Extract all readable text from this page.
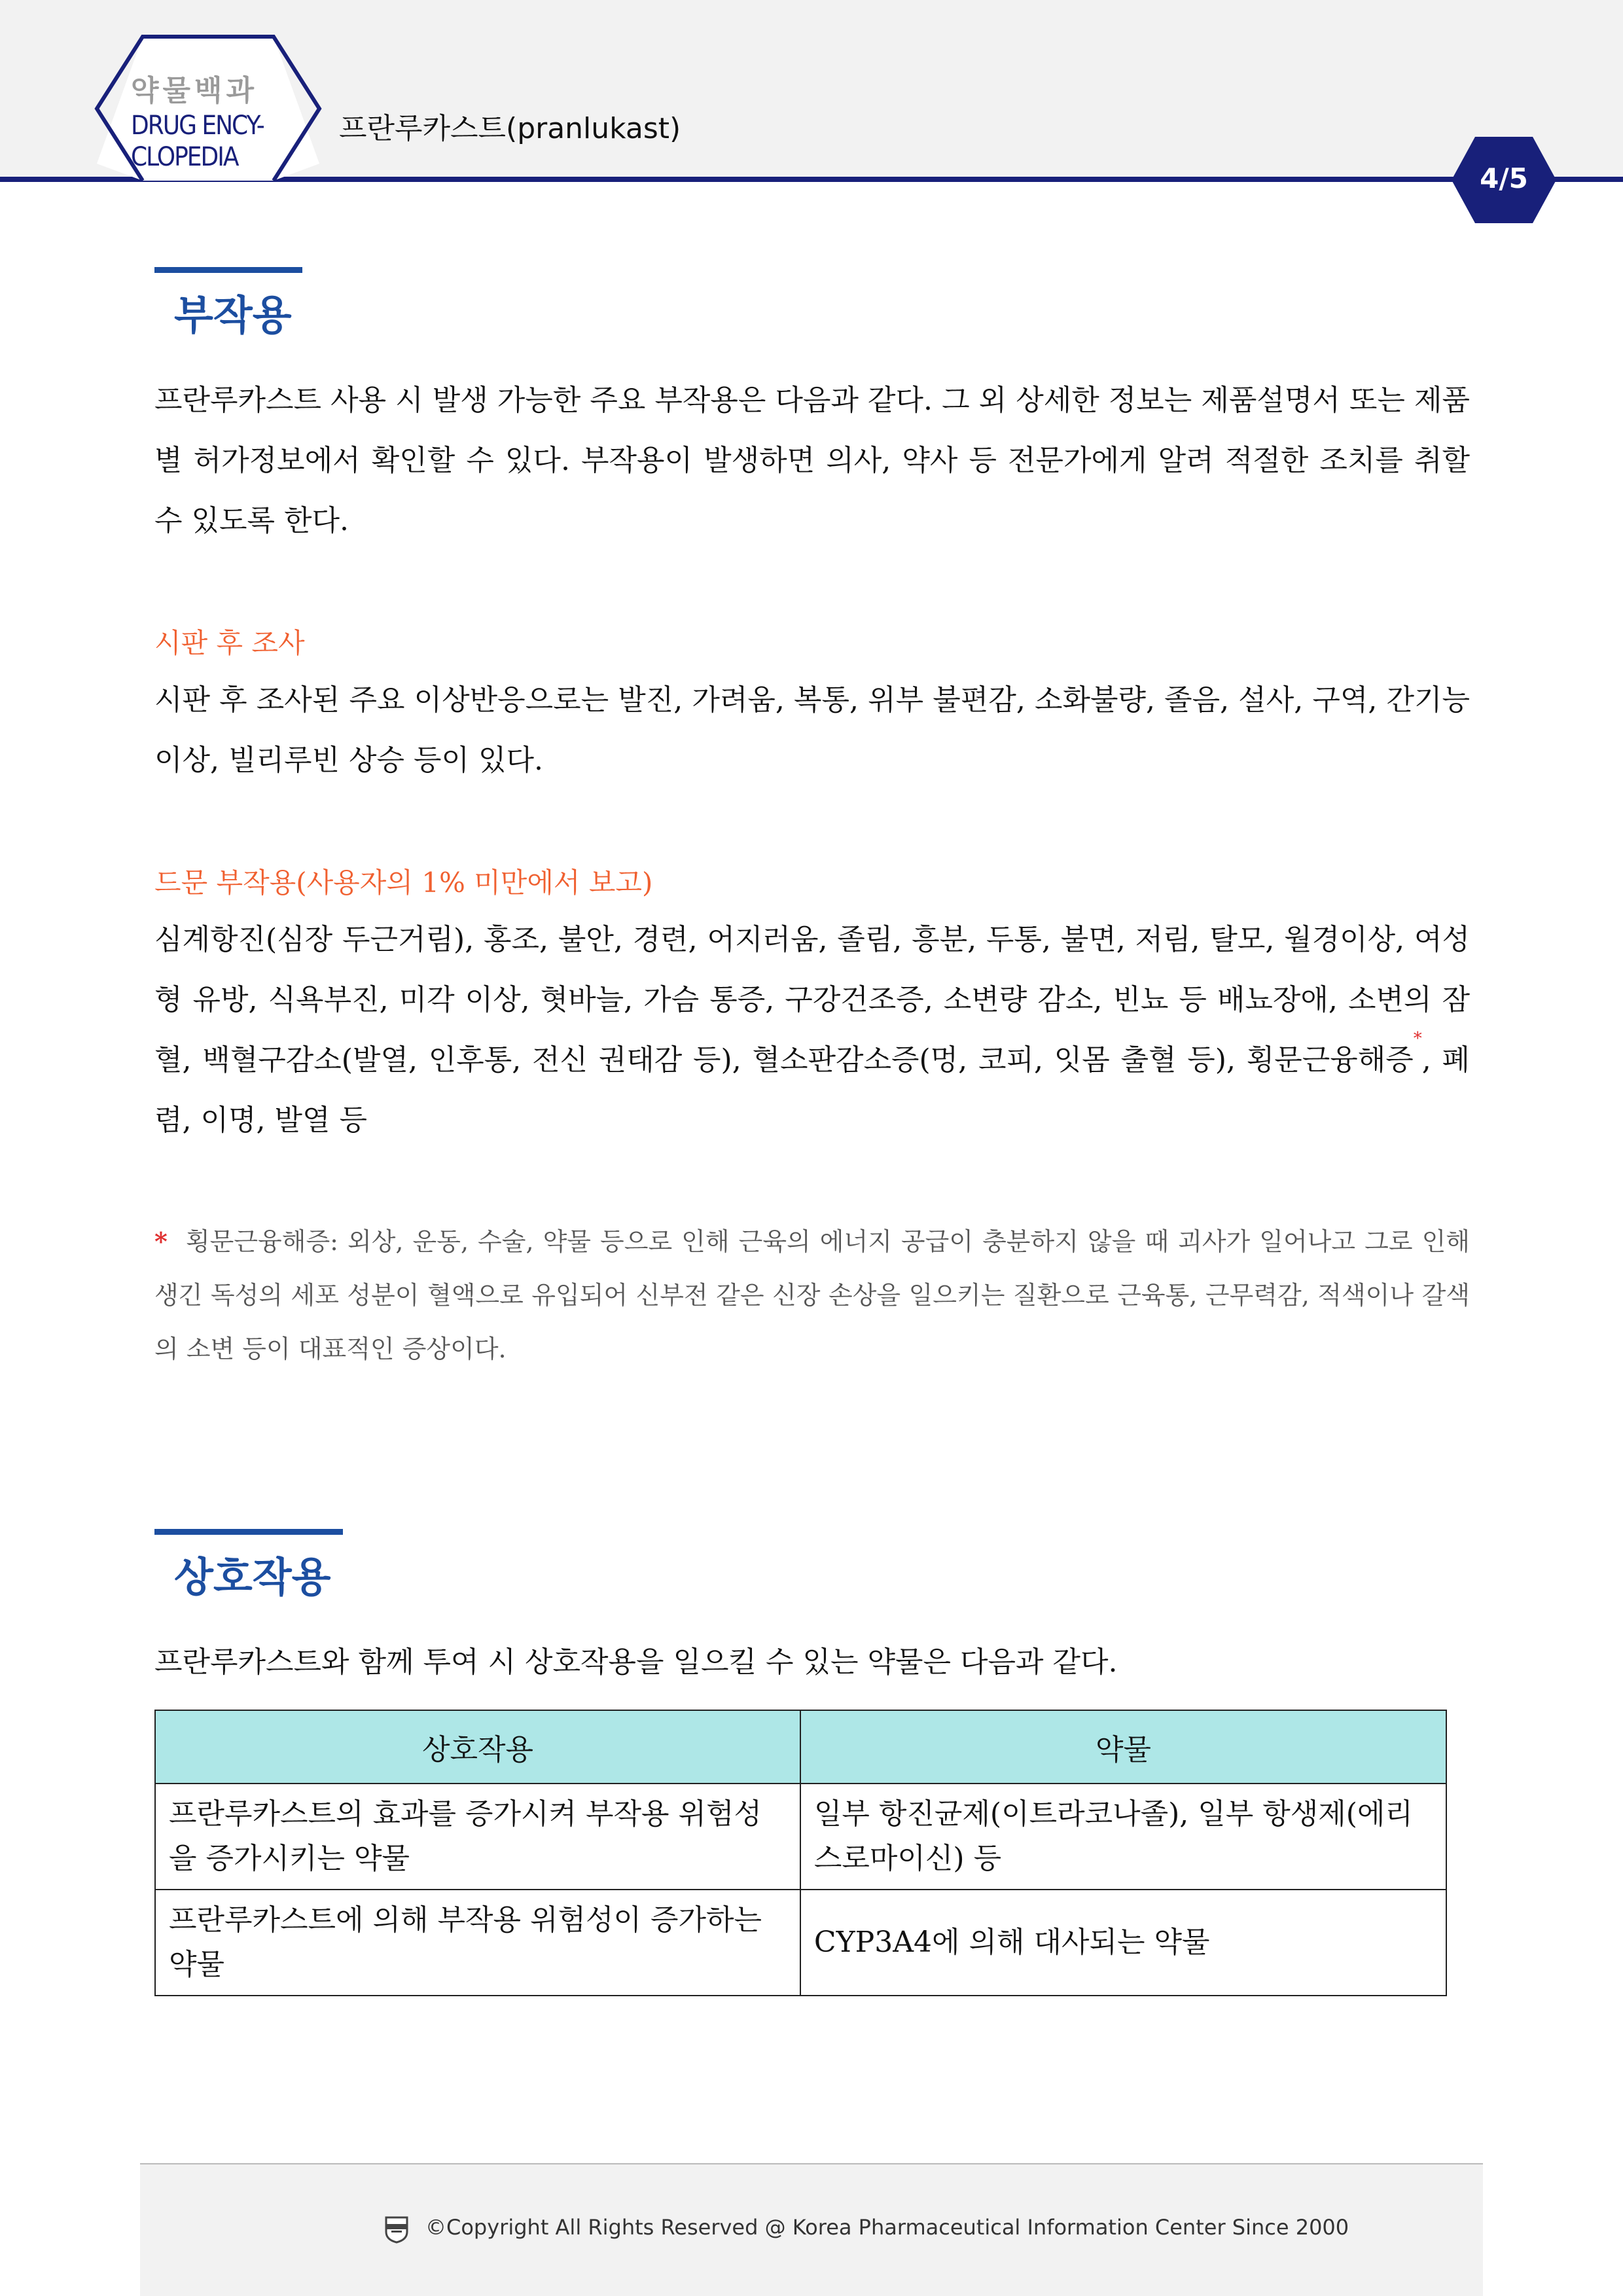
약물백과
DRUG ENCY-
CLOPEDIA
프란루카스트(pranlukast)
4/5
부작용

프란루카스트 사용 시 발생 가능한 주요 부작용은 다음과 같다. 그 외 상세한 정보는 제품설명서 또는 제품별 허가정보에서 확인할 수 있다. 부작용이 발생하면 의사, 약사 등 전문가에게 알려 적절한 조치를 취할 수 있도록 한다.

시판 후 조사

시판 후 조사된 주요 이상반응으로는 발진, 가려움, 복통, 위부 불편감, 소화불량, 졸음, 설사, 구역, 간기능 이상, 빌리루빈 상승 등이 있다.

드문 부작용(사용자의 1% 미만에서 보고)

심계항진(심장 두근거림), 홍조, 불안, 경련, 어지러움, 졸림, 흥분, 두통, 불면, 저림, 탈모, 월경이상, 여성형 유방, 식욕부진, 미각 이상, 혓바늘, 가슴 통증, 구강건조증, 소변량 감소, 빈뇨 등 배뇨장애, 소변의 잠혈, 백혈구감소(발열, 인후통, 전신 권태감 등), 혈소판감소증(멍, 코피, 잇몸 출혈 등), 횡문근융해증*, 폐렴, 이명, 발열 등

* 횡문근융해증: 외상, 운동, 수술, 약물 등으로 인해 근육의 에너지 공급이 충분하지 않을 때 괴사가 일어나고 그로 인해 생긴 독성의 세포 성분이 혈액으로 유입되어 신부전 같은 신장 손상을 일으키는 질환으로 근육통, 근무력감, 적색이나 갈색의 소변 등이 대표적인 증상이다.

상호작용

프란루카스트와 함께 투여 시 상호작용을 일으킬 수 있는 약물은 다음과 같다.

상호작용	약물
프란루카스트의 효과를 증가시켜 부작용 위험성을 증가시키는 약물	일부 항진균제(이트라코나졸), 일부 항생제(에리스로마이신) 등
프란루카스트에 의해 부작용 위험성이 증가하는 약물	CYP3A4에 의해 대사되는 약물
©Copyright All Rights Reserved @ Korea Pharmaceutical Information Center Since 2000
